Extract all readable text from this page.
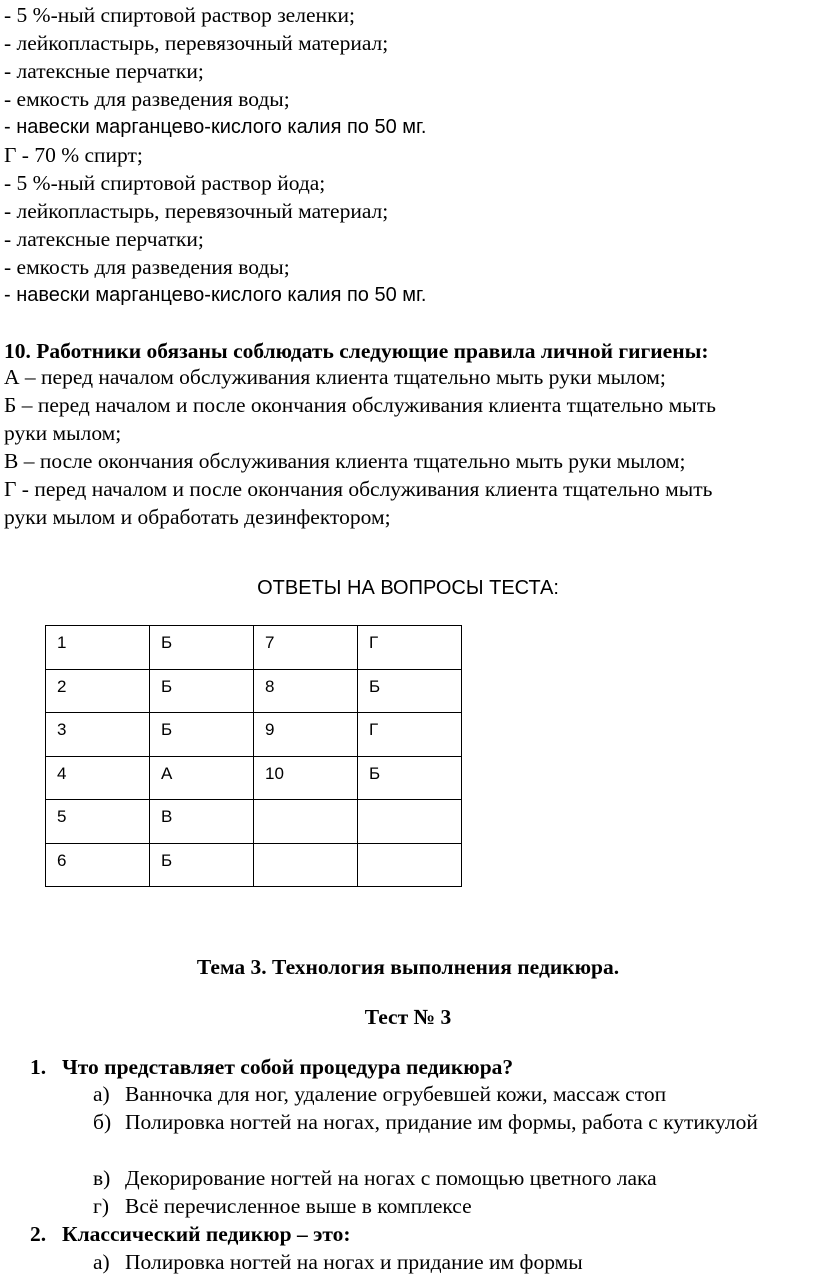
- 5 %-ный спиртовой раствор зеленки;
- лейкопластырь, перевязочный материал;
- латексные перчатки;
- емкость для разведения воды;
- навески марганцево-кислого калия по 50 мг.
Г - 70 % спирт;
- 5 %-ный спиртовой раствор йода;
- лейкопластырь, перевязочный материал;
- латексные перчатки;
- емкость для разведения воды;
- навески марганцево-кислого калия по 50 мг.
10. Работники обязаны соблюдать следующие правила личной гигиены:
А – перед началом обслуживания клиента тщательно мыть руки мылом;
Б – перед началом и после окончания обслуживания клиента тщательно мыть
руки мылом;
В – после окончания обслуживания клиента тщательно мыть руки мылом;
Г - перед началом и после окончания обслуживания клиента тщательно мыть
руки мылом и обработать дезинфектором;
ОТВЕТЫ НА ВОПРОСЫ ТЕСТА:
1	Б	7	Г
2	Б	8	Б
3	Б	9	Г
4	А	10	Б
5	В		
6	Б		
Тема 3. Технология выполнения педикюра.
Тест № 3
1. Что представляет собой процедура педикюра?
а) Ванночка для ног, удаление огрубевшей кожи, массаж стоп
б) Полировка ногтей на ногах, придание им формы, работа с кутикулой
в) Декорирование ногтей на ногах с помощью цветного лака
г) Всё перечисленное выше в комплексе
2. Классический педикюр – это:
а) Полировка ногтей на ногах и придание им формы
